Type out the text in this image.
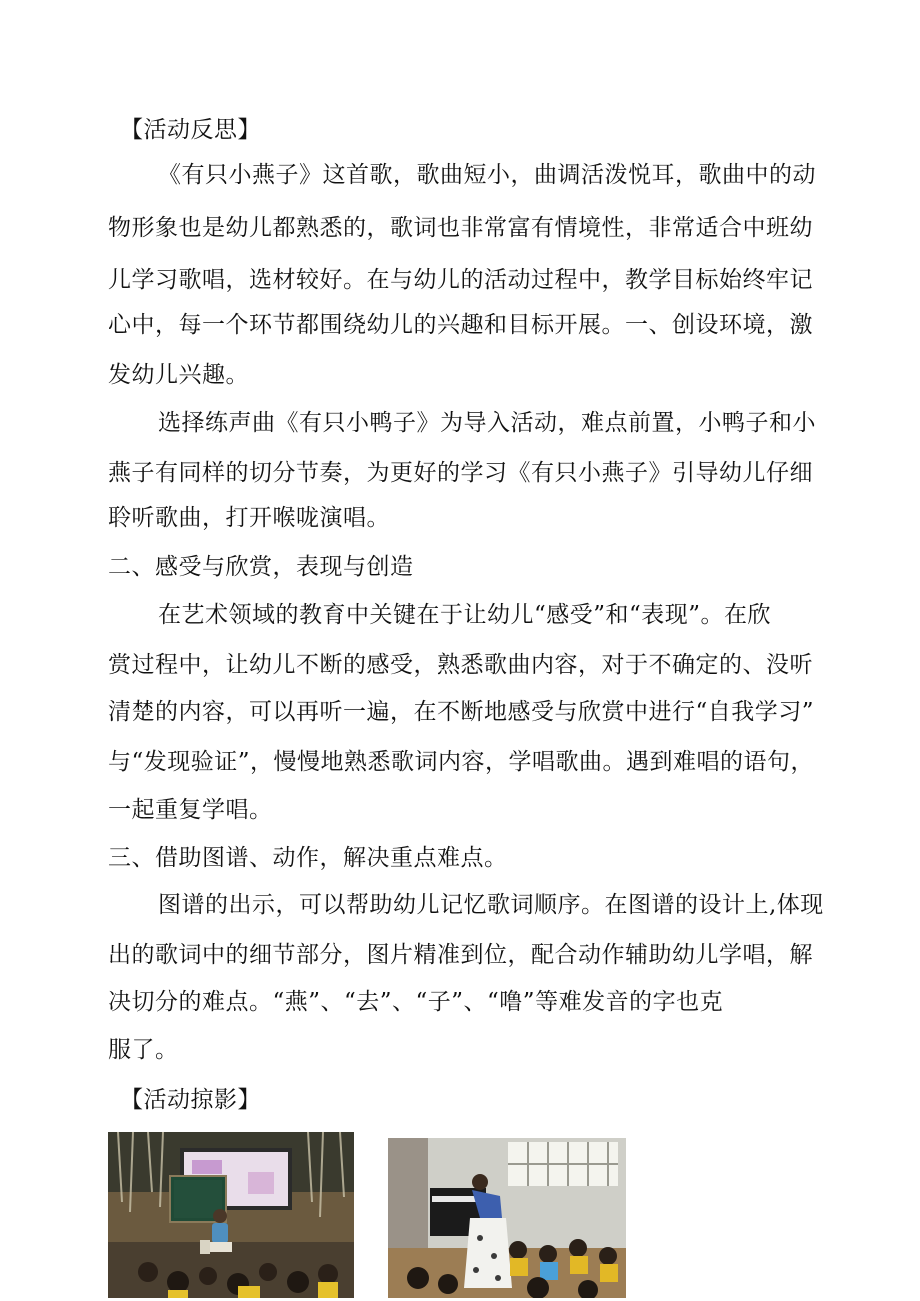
【活动反思】
《有只小燕子》这首歌，歌曲短小，曲调活泼悦耳，歌曲中的动
物形象也是幼儿都熟悉的，歌词也非常富有情境性，非常适合中班幼
儿学习歌唱，选材较好。在与幼儿的活动过程中，教学目标始终牢记
心中，每一个环节都围绕幼儿的兴趣和目标开展。一、创设环境，激
发幼儿兴趣。
选择练声曲《有只小鸭子》为导入活动，难点前置，小鸭子和小
燕子有同样的切分节奏，为更好的学习《有只小燕子》引导幼儿仔细
聆听歌曲，打开喉咙演唱。
二、感受与欣赏，表现与创造
在艺术领域的教育中关键在于让幼儿“感受”和“表现”。在欣
赏过程中，让幼儿不断的感受，熟悉歌曲内容，对于不确定的、没听
清楚的内容，可以再听一遍，在不断地感受与欣赏中进行“自我学习”
与“发现验证”，慢慢地熟悉歌词内容，学唱歌曲。遇到难唱的语句，
一起重复学唱。
三、借助图谱、动作，解决重点难点。
图谱的出示，可以帮助幼儿记忆歌词顺序。在图谱的设计上,体现
出的歌词中的细节部分，图片精准到位，配合动作辅助幼儿学唱，解
决切分的难点。“燕”、“去”、“子”、“噜”等难发音的字也克
服了。
【活动掠影】
